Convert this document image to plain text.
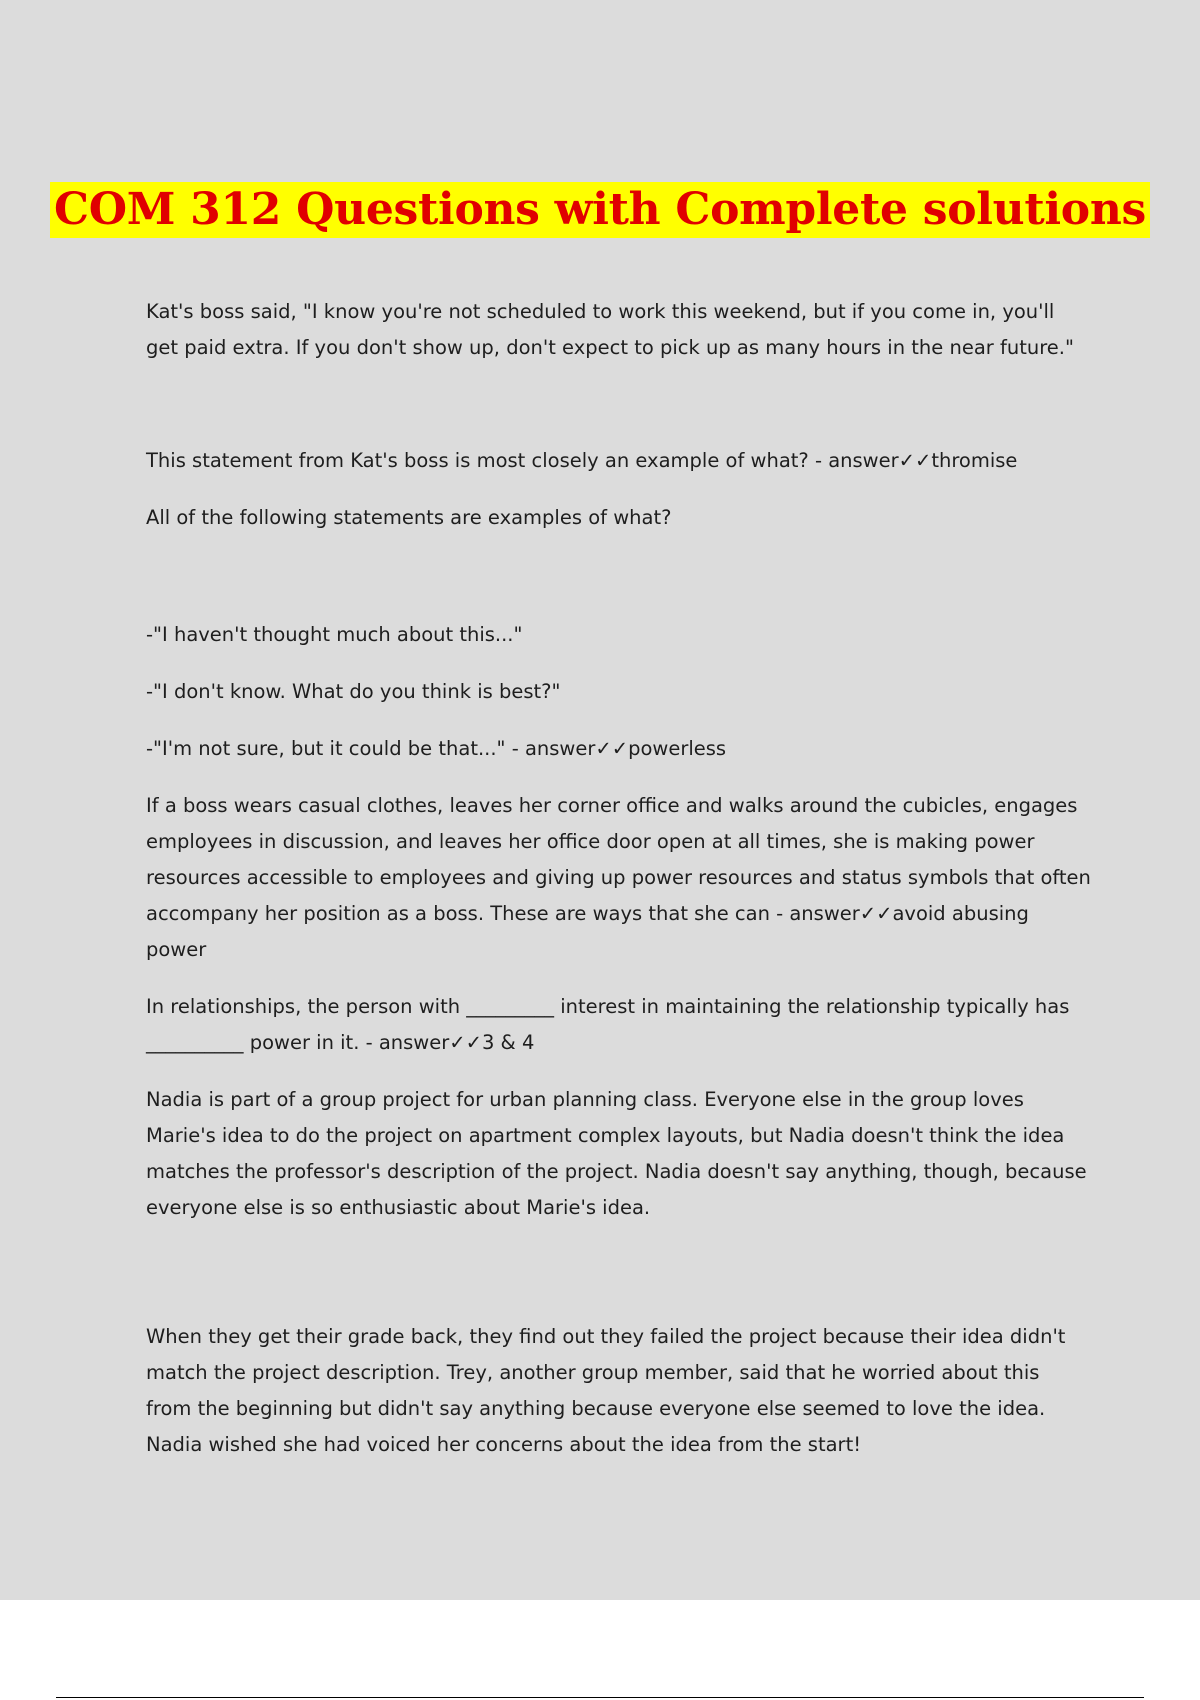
COM 312 Questions with Complete solutions

Kat's boss said, "I know you're not scheduled to work this weekend, but if you come in, you'll get paid extra. If you don't show up, don't expect to pick up as many hours in the near future."

This statement from Kat's boss is most closely an example of what? - answer✓✓thromise

All of the following statements are examples of what?

-"I haven't thought much about this..."

-"I don't know. What do you think is best?"

-"I'm not sure, but it could be that..." - answer✓✓powerless

If a boss wears casual clothes, leaves her corner office and walks around the cubicles, engages employees in discussion, and leaves her office door open at all times, she is making power resources accessible to employees and giving up power resources and status symbols that often accompany her position as a boss. These are ways that she can - answer✓✓avoid abusing power

In relationships, the person with _________ interest in maintaining the relationship typically has __________ power in it. - answer✓✓3 & 4

Nadia is part of a group project for urban planning class. Everyone else in the group loves Marie's idea to do the project on apartment complex layouts, but Nadia doesn't think the idea matches the professor's description of the project. Nadia doesn't say anything, though, because everyone else is so enthusiastic about Marie's idea.

When they get their grade back, they find out they failed the project because their idea didn't match the project description. Trey, another group member, said that he worried about this from the beginning but didn't say anything because everyone else seemed to love the idea. Nadia wished she had voiced her concerns about the idea from the start!
